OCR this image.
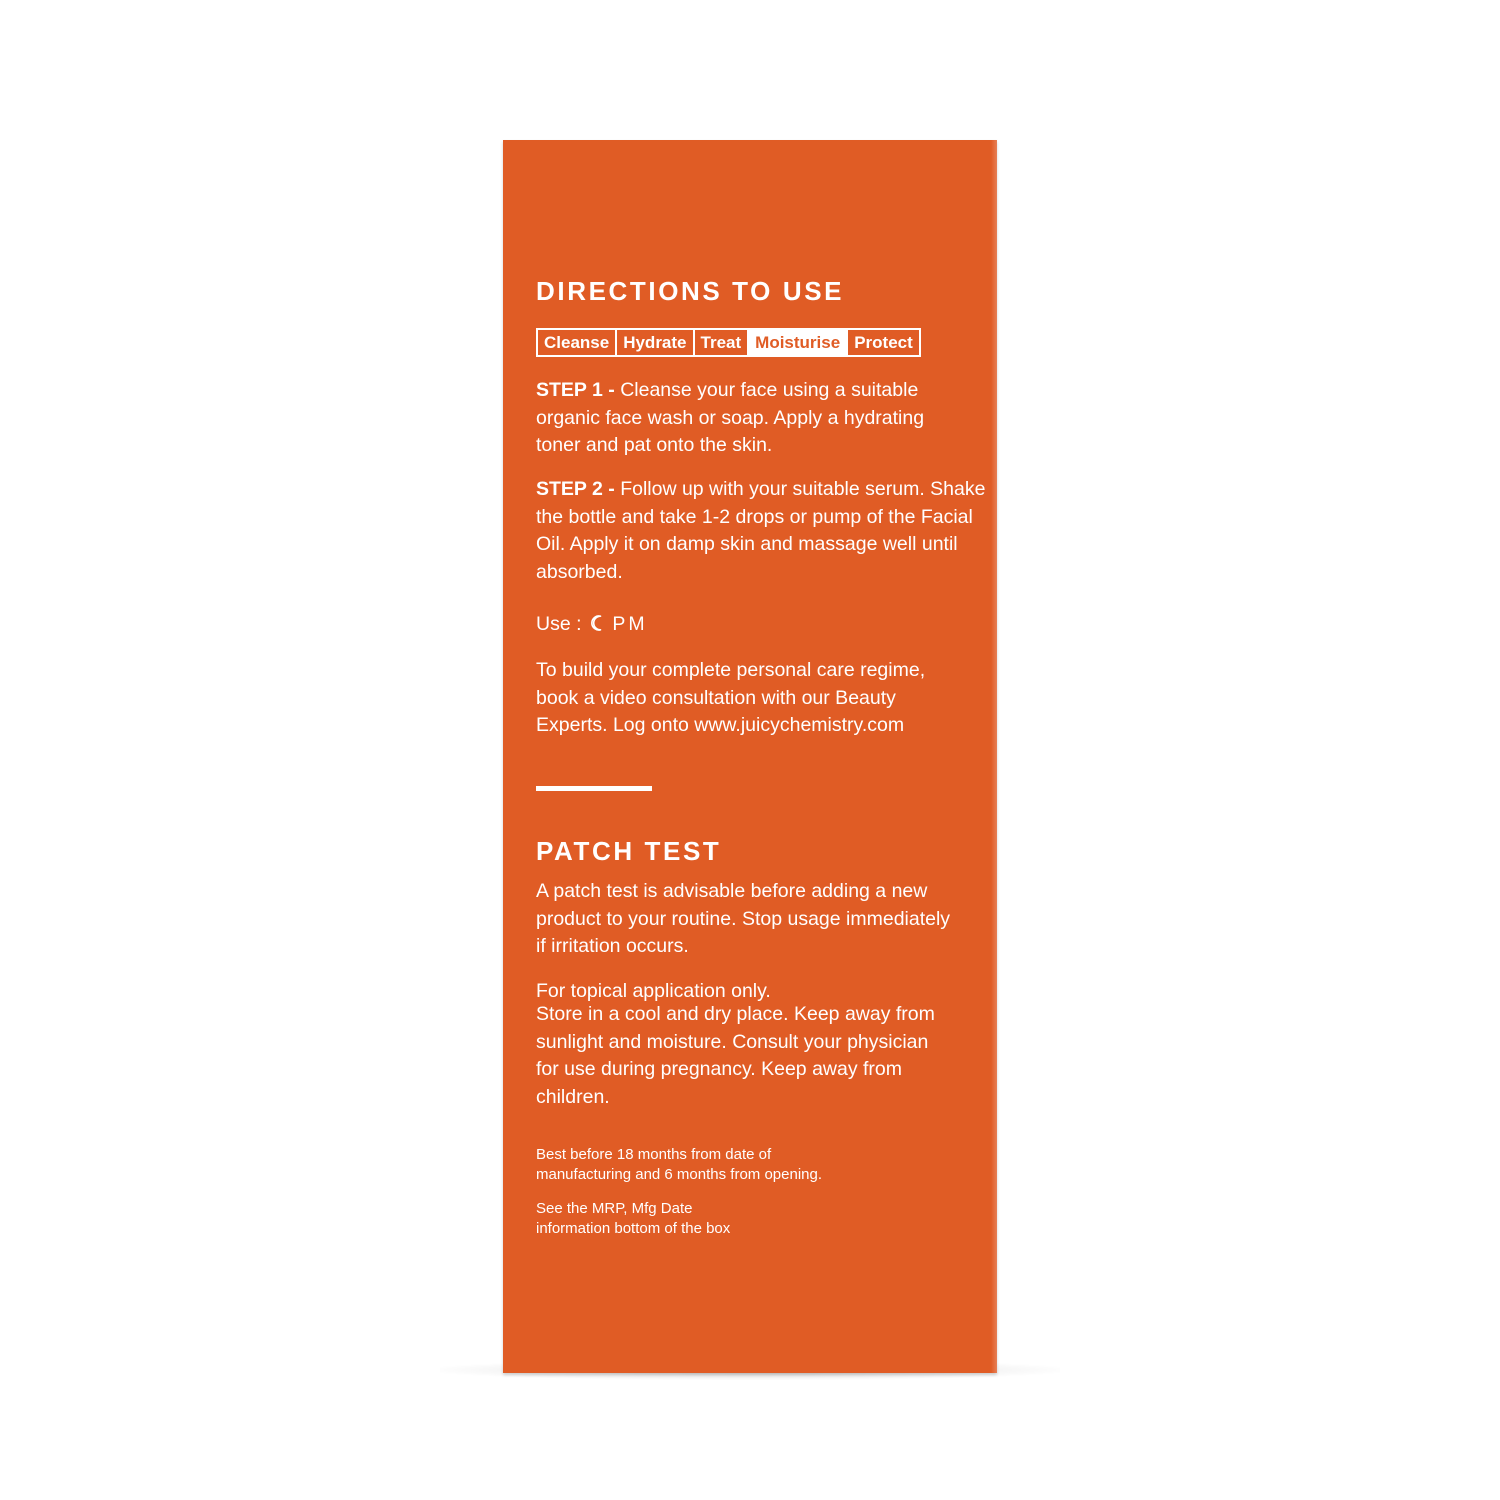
DIRECTIONS TO USE
Cleanse Hydrate Treat Moisturise Protect

STEP 1 - Cleanse your face using a suitable organic face wash or soap. Apply a hydrating toner and pat onto the skin.

STEP 2 - Follow up with your suitable serum. Shake the bottle and take 1-2 drops or pump of the Facial Oil. Apply it on damp skin and massage well until absorbed.

Use : PM

To build your complete personal care regime, book a video consultation with our Beauty Experts. Log onto www.juicychemistry.com

PATCH TEST

A patch test is advisable before adding a new product to your routine. Stop usage immediately if irritation occurs.

For topical application only.

Store in a cool and dry place. Keep away from sunlight and moisture. Consult your physician for use during pregnancy. Keep away from children.

Best before 18 months from date of manufacturing and 6 months from opening.

See the MRP, Mfg Date information bottom of the box
